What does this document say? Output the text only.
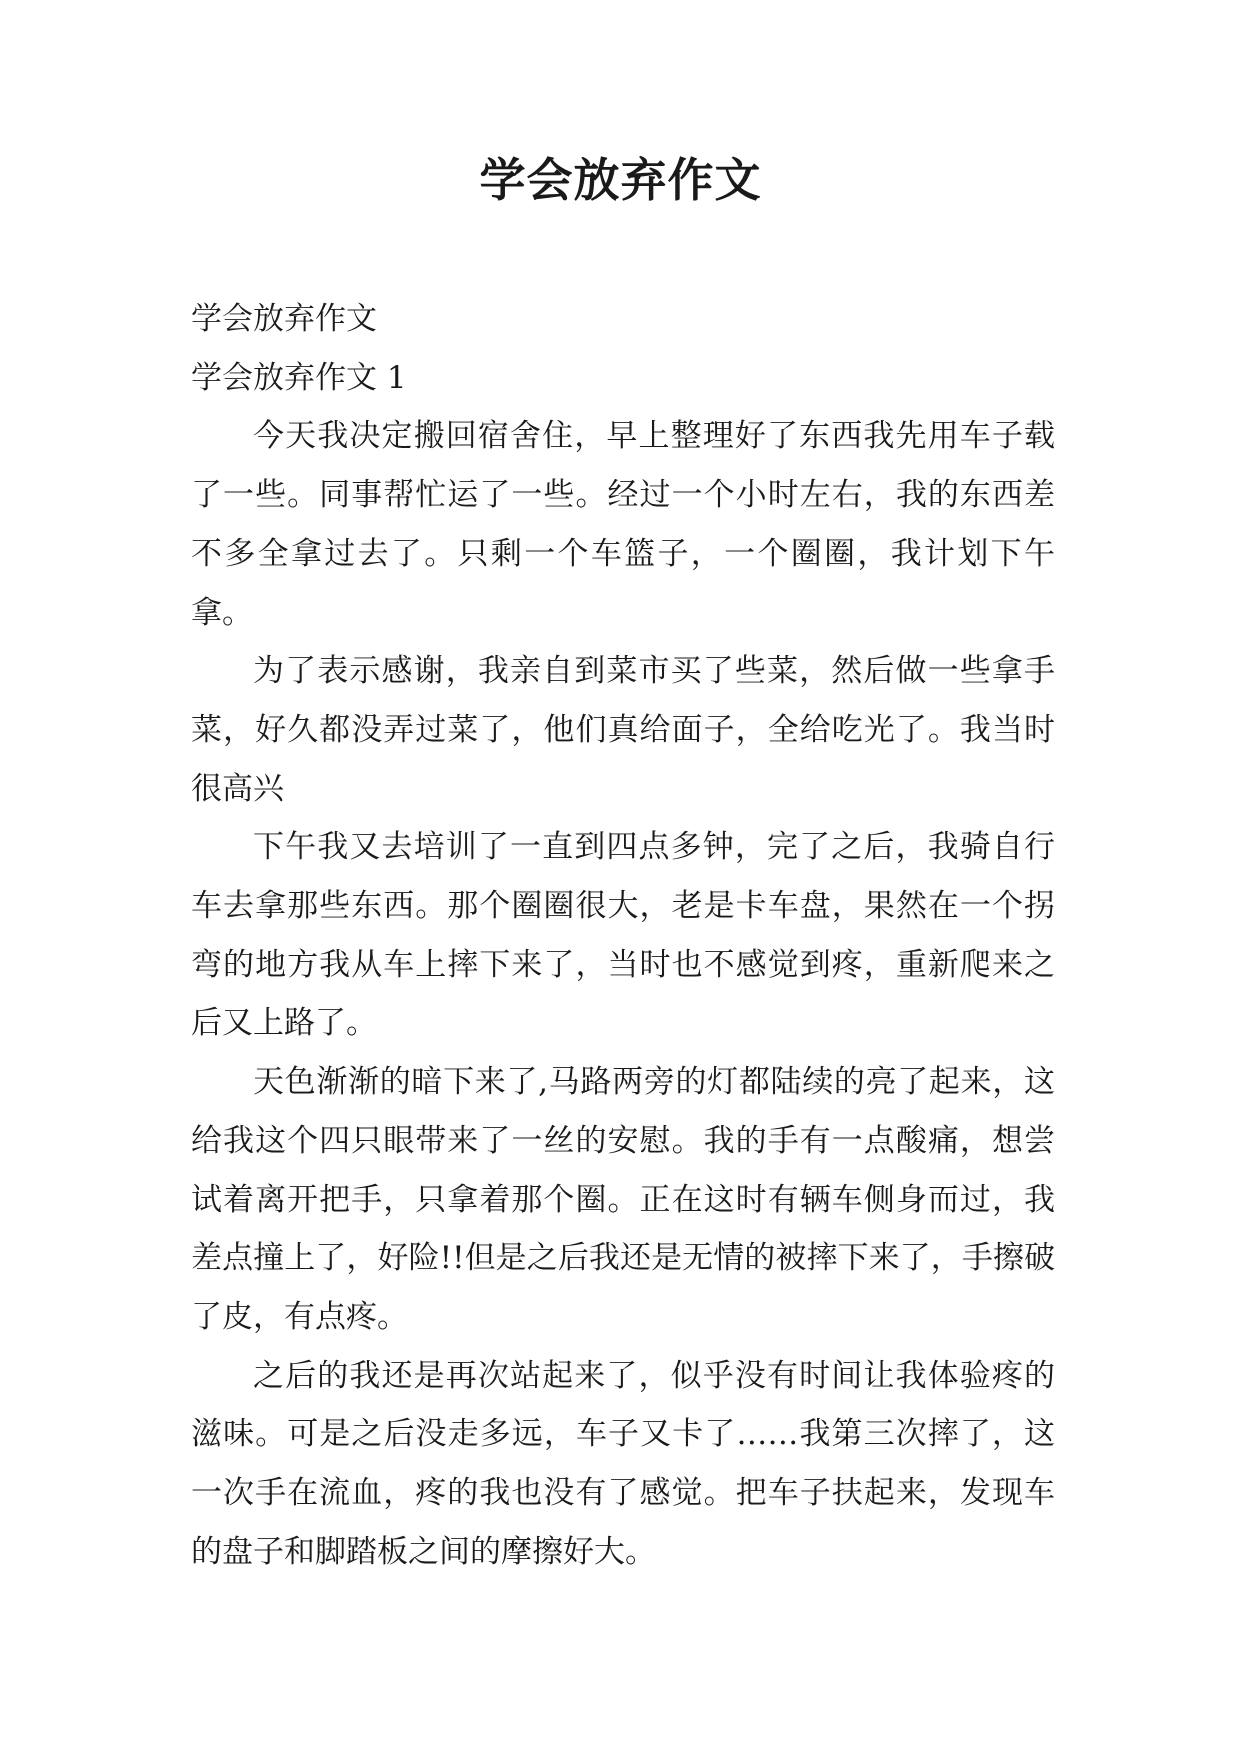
学会放弃作文

学会放弃作文

学会放弃作文 1

今天我决定搬回宿舍住，早上整理好了东西我先用车子载了一些。同事帮忙运了一些。经过一个小时左右，我的东西差不多全拿过去了。只剩一个车篮子，一个圈圈，我计划下午拿。

为了表示感谢，我亲自到菜市买了些菜，然后做一些拿手菜，好久都没弄过菜了，他们真给面子，全给吃光了。我当时很高兴

下午我又去培训了一直到四点多钟，完了之后，我骑自行车去拿那些东西。那个圈圈很大，老是卡车盘，果然在一个拐弯的地方我从车上摔下来了，当时也不感觉到疼，重新爬来之后又上路了。

天色渐渐的暗下来了,马路两旁的灯都陆续的亮了起来，这给我这个四只眼带来了一丝的安慰。我的手有一点酸痛，想尝试着离开把手，只拿着那个圈。正在这时有辆车侧身而过，我差点撞上了，好险!!但是之后我还是无情的被摔下来了，手擦破了皮，有点疼。

之后的我还是再次站起来了，似乎没有时间让我体验疼的滋味。可是之后没走多远，车子又卡了……我第三次摔了，这一次手在流血，疼的我也没有了感觉。把车子扶起来，发现车的盘子和脚踏板之间的摩擦好大。
